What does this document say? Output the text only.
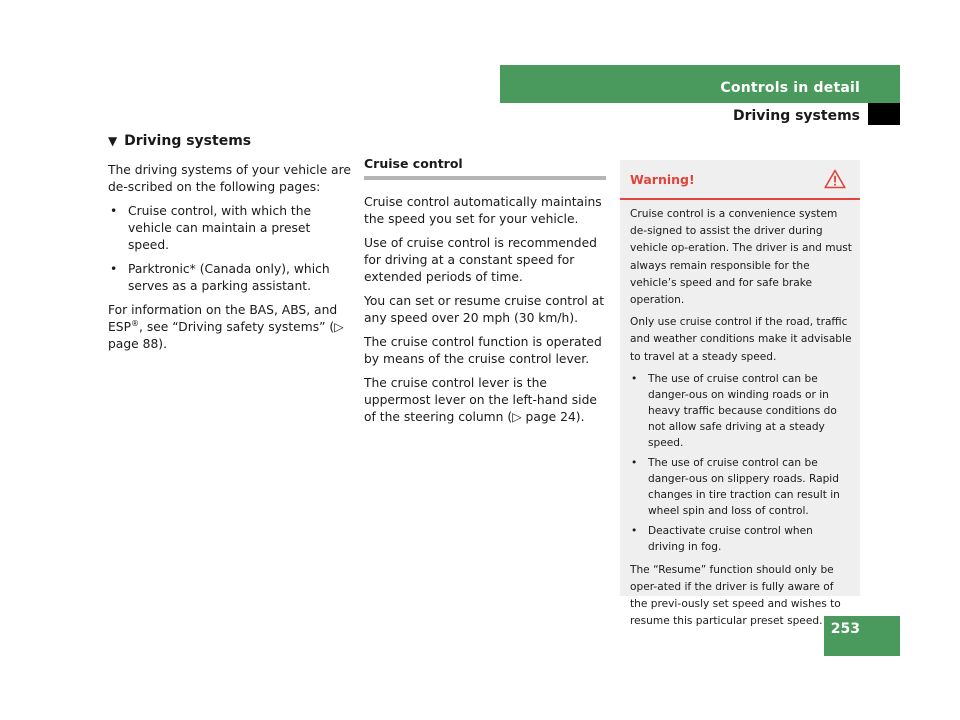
Controls in detail
Driving systems
▼ Driving systems

The driving systems of your vehicle are de-scribed on the following pages:

• Cruise control, with which the vehicle can maintain a preset speed.
• Parktronic* (Canada only), which serves as a parking assistant.

For information on the BAS, ABS, and ESP®, see “Driving safety systems” (▷ page 88).

Cruise control

Cruise control automatically maintains the speed you set for your vehicle.

Use of cruise control is recommended for driving at a constant speed for extended periods of time.

You can set or resume cruise control at any speed over 20 mph (30 km/h).

The cruise control function is operated by means of the cruise control lever.

The cruise control lever is the uppermost lever on the left-hand side of the steering column (▷ page 24).

Warning!

Cruise control is a convenience system de-signed to assist the driver during vehicle op-eration. The driver is and must always remain responsible for the vehicle’s speed and for safe brake operation.

Only use cruise control if the road, traffic and weather conditions make it advisable to travel at a steady speed.

• The use of cruise control can be danger-ous on winding roads or in heavy traffic because conditions do not allow safe driving at a steady speed.
• The use of cruise control can be danger-ous on slippery roads. Rapid changes in tire traction can result in wheel spin and loss of control.
• Deactivate cruise control when driving in fog.

The “Resume” function should only be oper-ated if the driver is fully aware of the previ-ously set speed and wishes to resume this particular preset speed. 253
